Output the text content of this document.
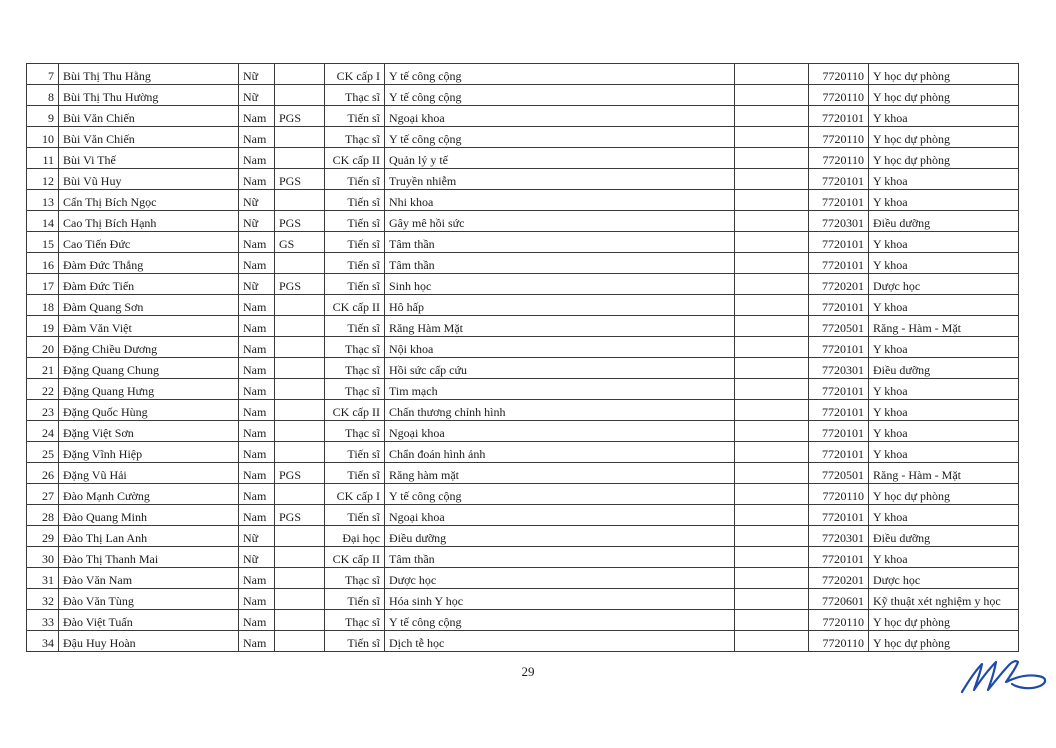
7	Bùi Thị Thu Hằng	Nữ		CK cấp I	Y tế công cộng		7720110	Y học dự phòng
8	Bùi Thị Thu Hường	Nữ		Thạc sĩ	Y tế công cộng		7720110	Y học dự phòng
9	Bùi Văn Chiến	Nam	PGS	Tiến sĩ	Ngoại khoa		7720101	Y khoa
10	Bùi Văn Chiến	Nam		Thạc sĩ	Y tế công cộng		7720110	Y học dự phòng
11	Bùi Vi Thế	Nam		CK cấp II	Quản lý y tế		7720110	Y học dự phòng
12	Bùi Vũ Huy	Nam	PGS	Tiến sĩ	Truyền nhiễm		7720101	Y khoa
13	Cấn Thị Bích Ngọc	Nữ		Tiến sĩ	Nhi khoa		7720101	Y khoa
14	Cao Thị Bích Hạnh	Nữ	PGS	Tiến sĩ	Gây mê hồi sức		7720301	Điều dưỡng
15	Cao Tiến Đức	Nam	GS	Tiến sĩ	Tâm thần		7720101	Y khoa
16	Đàm Đức Thắng	Nam		Tiến sĩ	Tâm thần		7720101	Y khoa
17	Đàm Đức Tiến	Nữ	PGS	Tiến sĩ	Sinh học		7720201	Dược học
18	Đàm Quang Sơn	Nam		CK cấp II	Hô hấp		7720101	Y khoa
19	Đàm Văn Việt	Nam		Tiến sĩ	Răng Hàm Mặt		7720501	Răng - Hàm - Mặt
20	Đặng Chiều Dương	Nam		Thạc sĩ	Nội khoa		7720101	Y khoa
21	Đặng Quang Chung	Nam		Thạc sĩ	Hồi sức cấp cứu		7720301	Điều dưỡng
22	Đặng Quang Hưng	Nam		Thạc sĩ	Tim mạch		7720101	Y khoa
23	Đặng Quốc Hùng	Nam		CK cấp II	Chấn thương chỉnh hình		7720101	Y khoa
24	Đặng Việt Sơn	Nam		Thạc sĩ	Ngoại khoa		7720101	Y khoa
25	Đặng Vĩnh Hiệp	Nam		Tiến sĩ	Chẩn đoán hình ảnh		7720101	Y khoa
26	Đặng Vũ Hải	Nam	PGS	Tiến sĩ	Răng hàm mặt		7720501	Răng - Hàm - Mặt
27	Đào Mạnh Cường	Nam		CK cấp I	Y tế công cộng		7720110	Y học dự phòng
28	Đào Quang Minh	Nam	PGS	Tiến sĩ	Ngoại khoa		7720101	Y khoa
29	Đào Thị Lan Anh	Nữ		Đại học	Điều dưỡng		7720301	Điều dưỡng
30	Đào Thị Thanh Mai	Nữ		CK cấp II	Tâm thần		7720101	Y khoa
31	Đào Văn Nam	Nam		Thạc sĩ	Dược học		7720201	Dược học
32	Đào Văn Tùng	Nam		Tiến sĩ	Hóa sinh Y học		7720601	Kỹ thuật xét nghiệm y học
33	Đào Việt Tuấn	Nam		Thạc sĩ	Y tế công cộng		7720110	Y học dự phòng
34	Đậu Huy Hoàn	Nam		Tiến sĩ	Dịch tễ học		7720110	Y học dự phòng
29
